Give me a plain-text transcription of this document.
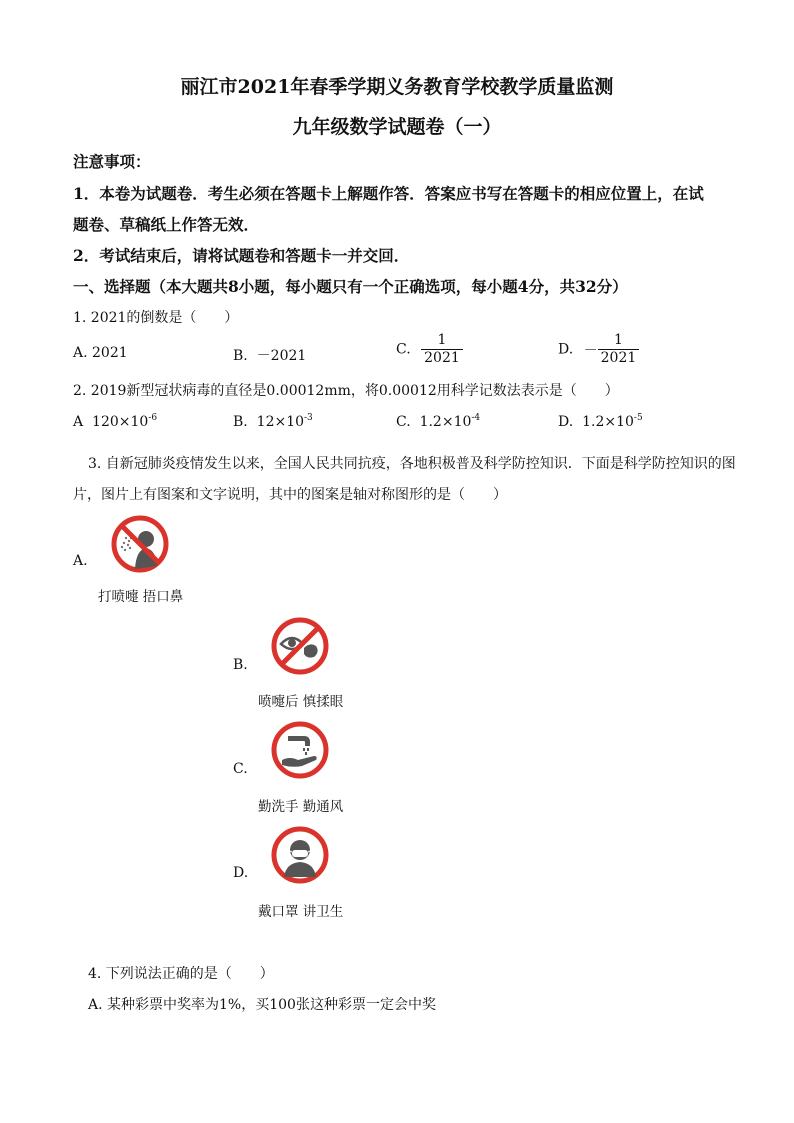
丽江市2021年春季学期义务教育学校教学质量监测
九年级数学试题卷（一）
注意事项：
1．本卷为试题卷．考生必须在答题卡上解题作答．答案应书写在答题卡的相应位置上，在试
题卷、草稿纸上作答无效．
2．考试结束后，请将试题卷和答题卡一并交回．
一、选择题（本大题共8小题，每小题只有一个正确选项，每小题4分，共32分）
1. 2021的倒数是（　　）
A. 2021	B. －2021	C. $\frac{1}{2021}$	D. － $\frac{1}{2021}$
2. 2019新型冠状病毒的直径是0.00012mm，将0.00012用科学记数法表示是（　　）
A $120\times 10^{-6}$	B. $12\times 10^{-3}$	C. $1.2\times 10^{-4}$	D. $1.2\times 10^{-5}$
3. 自新冠肺炎疫情发生以来，全国人民共同抗疫，各地积极普及科学防控知识．下面是科学防控知识的图
片，图片上有图案和文字说明，其中的图案是轴对称图形的是（　　）
A.
打喷嚏 捂口鼻
B.
喷嚏后 慎揉眼
C.
勤洗手 勤通风
D.
戴口罩 讲卫生
4. 下列说法正确的是（　　）
A. 某种彩票中奖率为1%，买100张这种彩票一定会中奖
